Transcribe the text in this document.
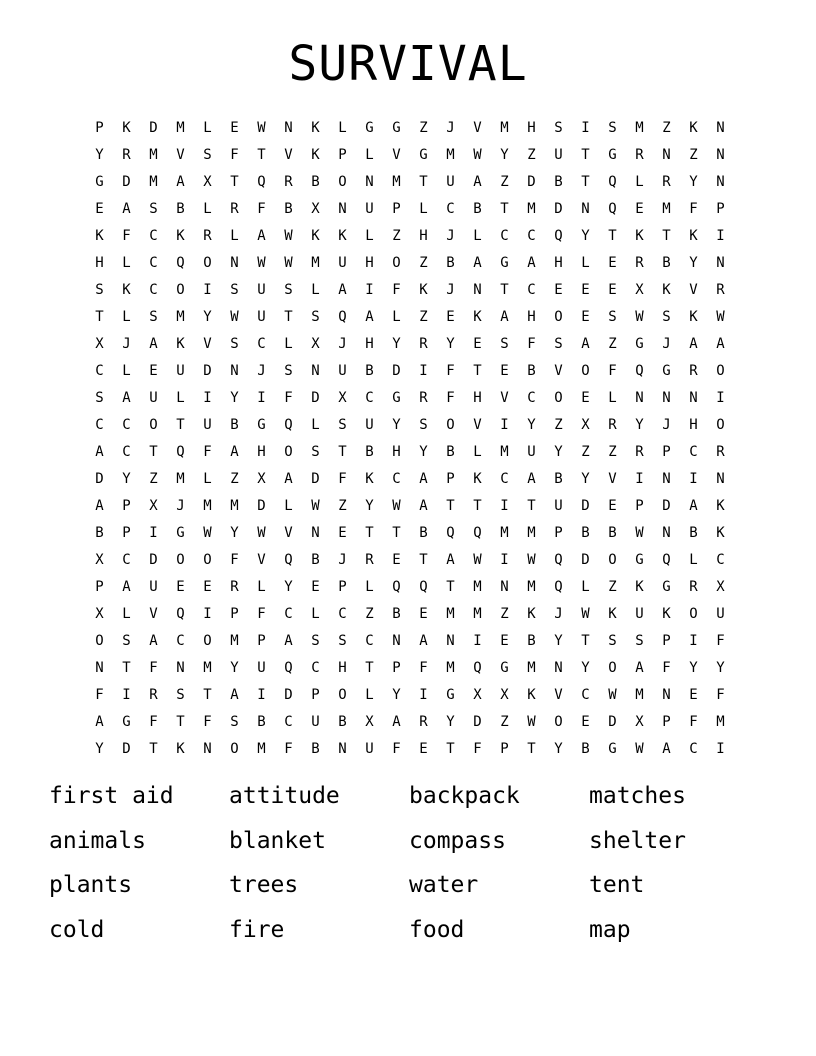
SURVIVAL
P	K	D	M	L	E	W	N	K	L	G	G	Z	J	V	M	H	S	I	S	M	Z	K	N
Y	R	M	V	S	F	T	V	K	P	L	V	G	M	W	Y	Z	U	T	G	R	N	Z	N
G	D	M	A	X	T	Q	R	B	O	N	M	T	U	A	Z	D	B	T	Q	L	R	Y	N
E	A	S	B	L	R	F	B	X	N	U	P	L	C	B	T	M	D	N	Q	E	M	F	P
K	F	C	K	R	L	A	W	K	K	L	Z	H	J	L	C	C	Q	Y	T	K	T	K	I
H	L	C	Q	O	N	W	W	M	U	H	O	Z	B	A	G	A	H	L	E	R	B	Y	N
S	K	C	O	I	S	U	S	L	A	I	F	K	J	N	T	C	E	E	E	X	K	V	R
T	L	S	M	Y	W	U	T	S	Q	A	L	Z	E	K	A	H	O	E	S	W	S	K	W
X	J	A	K	V	S	C	L	X	J	H	Y	R	Y	E	S	F	S	A	Z	G	J	A	A
C	L	E	U	D	N	J	S	N	U	B	D	I	F	T	E	B	V	O	F	Q	G	R	O
S	A	U	L	I	Y	I	F	D	X	C	G	R	F	H	V	C	O	E	L	N	N	N	I
C	C	O	T	U	B	G	Q	L	S	U	Y	S	O	V	I	Y	Z	X	R	Y	J	H	O
A	C	T	Q	F	A	H	O	S	T	B	H	Y	B	L	M	U	Y	Z	Z	R	P	C	R
D	Y	Z	M	L	Z	X	A	D	F	K	C	A	P	K	C	A	B	Y	V	I	N	I	N
A	P	X	J	M	M	D	L	W	Z	Y	W	A	T	T	I	T	U	D	E	P	D	A	K
B	P	I	G	W	Y	W	V	N	E	T	T	B	Q	Q	M	M	P	B	B	W	N	B	K
X	C	D	O	O	F	V	Q	B	J	R	E	T	A	W	I	W	Q	D	O	G	Q	L	C
P	A	U	E	E	R	L	Y	E	P	L	Q	Q	T	M	N	M	Q	L	Z	K	G	R	X
X	L	V	Q	I	P	F	C	L	C	Z	B	E	M	M	Z	K	J	W	K	U	K	O	U
O	S	A	C	O	M	P	A	S	S	C	N	A	N	I	E	B	Y	T	S	S	P	I	F
N	T	F	N	M	Y	U	Q	C	H	T	P	F	M	Q	G	M	N	Y	O	A	F	Y	Y
F	I	R	S	T	A	I	D	P	O	L	Y	I	G	X	X	K	V	C	W	M	N	E	F
A	G	F	T	F	S	B	C	U	B	X	A	R	Y	D	Z	W	O	E	D	X	P	F	M
Y	D	T	K	N	O	M	F	B	N	U	F	E	T	F	P	T	Y	B	G	W	A	C	I
first aid	attitude	backpack	matches
animals	blanket	compass	shelter
plants	trees	water	tent
cold	fire	food	map
